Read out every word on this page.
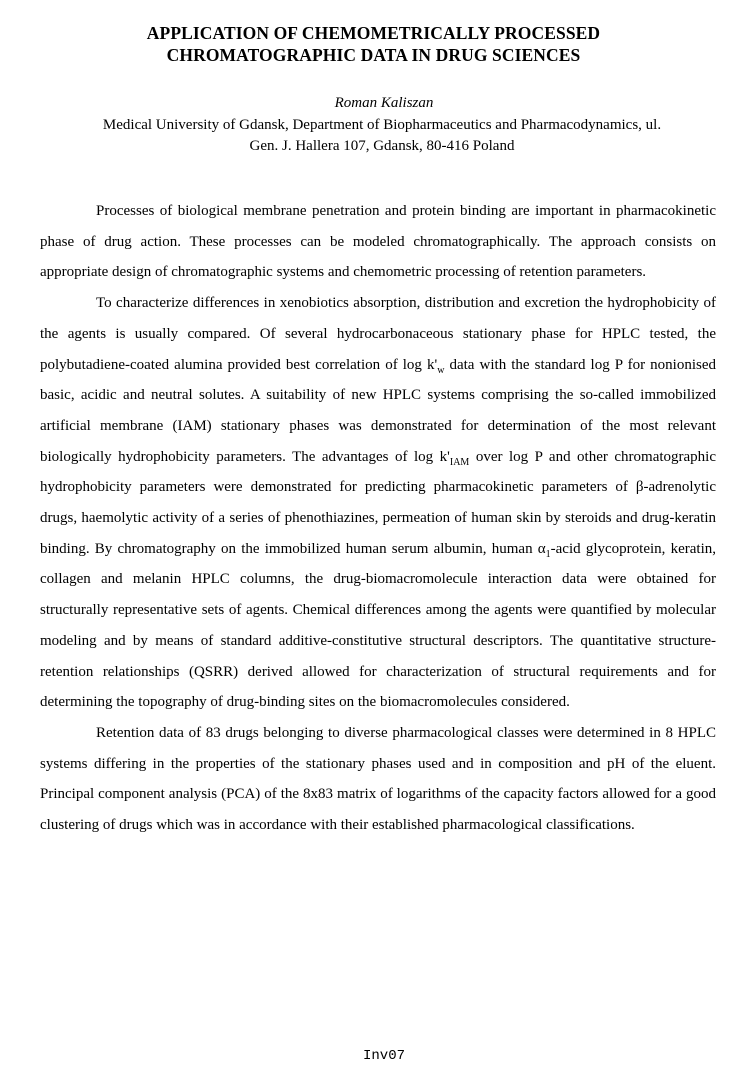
APPLICATION OF CHEMOMETRICALLY PROCESSED
CHROMATOGRAPHIC DATA IN DRUG SCIENCES
Roman Kaliszan
Medical University of Gdansk, Department of Biopharmaceutics and Pharmacodynamics, ul.
Gen. J. Hallera 107, Gdansk, 80-416 Poland

Processes of biological membrane penetration and protein binding are important in pharmacokinetic phase of drug action. These processes can be modeled chromatographically. The approach consists on appropriate design of chromatographic systems and chemometric processing of retention parameters.

To characterize differences in xenobiotics absorption, distribution and excretion the hydrophobicity of the agents is usually compared. Of several hydrocarbonaceous stationary phase for HPLC tested, the polybutadiene-coated alumina provided best correlation of $\log k'_w$ data with the standard log P for nonionised basic, acidic and neutral solutes. A suitability of new HPLC systems comprising the so-called immobilized artificial membrane (IAM) stationary phases was demonstrated for determination of the most relevant biologically hydrophobicity parameters. The advantages of $\log k'_{IAM}$ over log P and other chromatographic hydrophobicity parameters were demonstrated for predicting pharmacokinetic parameters of β-adrenolytic drugs, haemolytic activity of a series of phenothiazines, permeation of human skin by steroids and drug-keratin binding. By chromatography on the immobilized human serum albumin, human $\alpha_1$-acid glycoprotein, keratin, collagen and melanin HPLC columns, the drug-biomacromolecule interaction data were obtained for structurally representative sets of agents. Chemical differences among the agents were quantified by molecular modeling and by means of standard additive-constitutive structural descriptors. The quantitative structure-retention relationships (QSRR) derived allowed for characterization of structural requirements and for determining the topography of drug-binding sites on the biomacromolecules considered.

Retention data of 83 drugs belonging to diverse pharmacological classes were determined in 8 HPLC systems differing in the properties of the stationary phases used and in composition and pH of the eluent. Principal component analysis (PCA) of the 8x83 matrix of logarithms of the capacity factors allowed for a good clustering of drugs which was in accordance with their established pharmacological classifications.

Inv07
